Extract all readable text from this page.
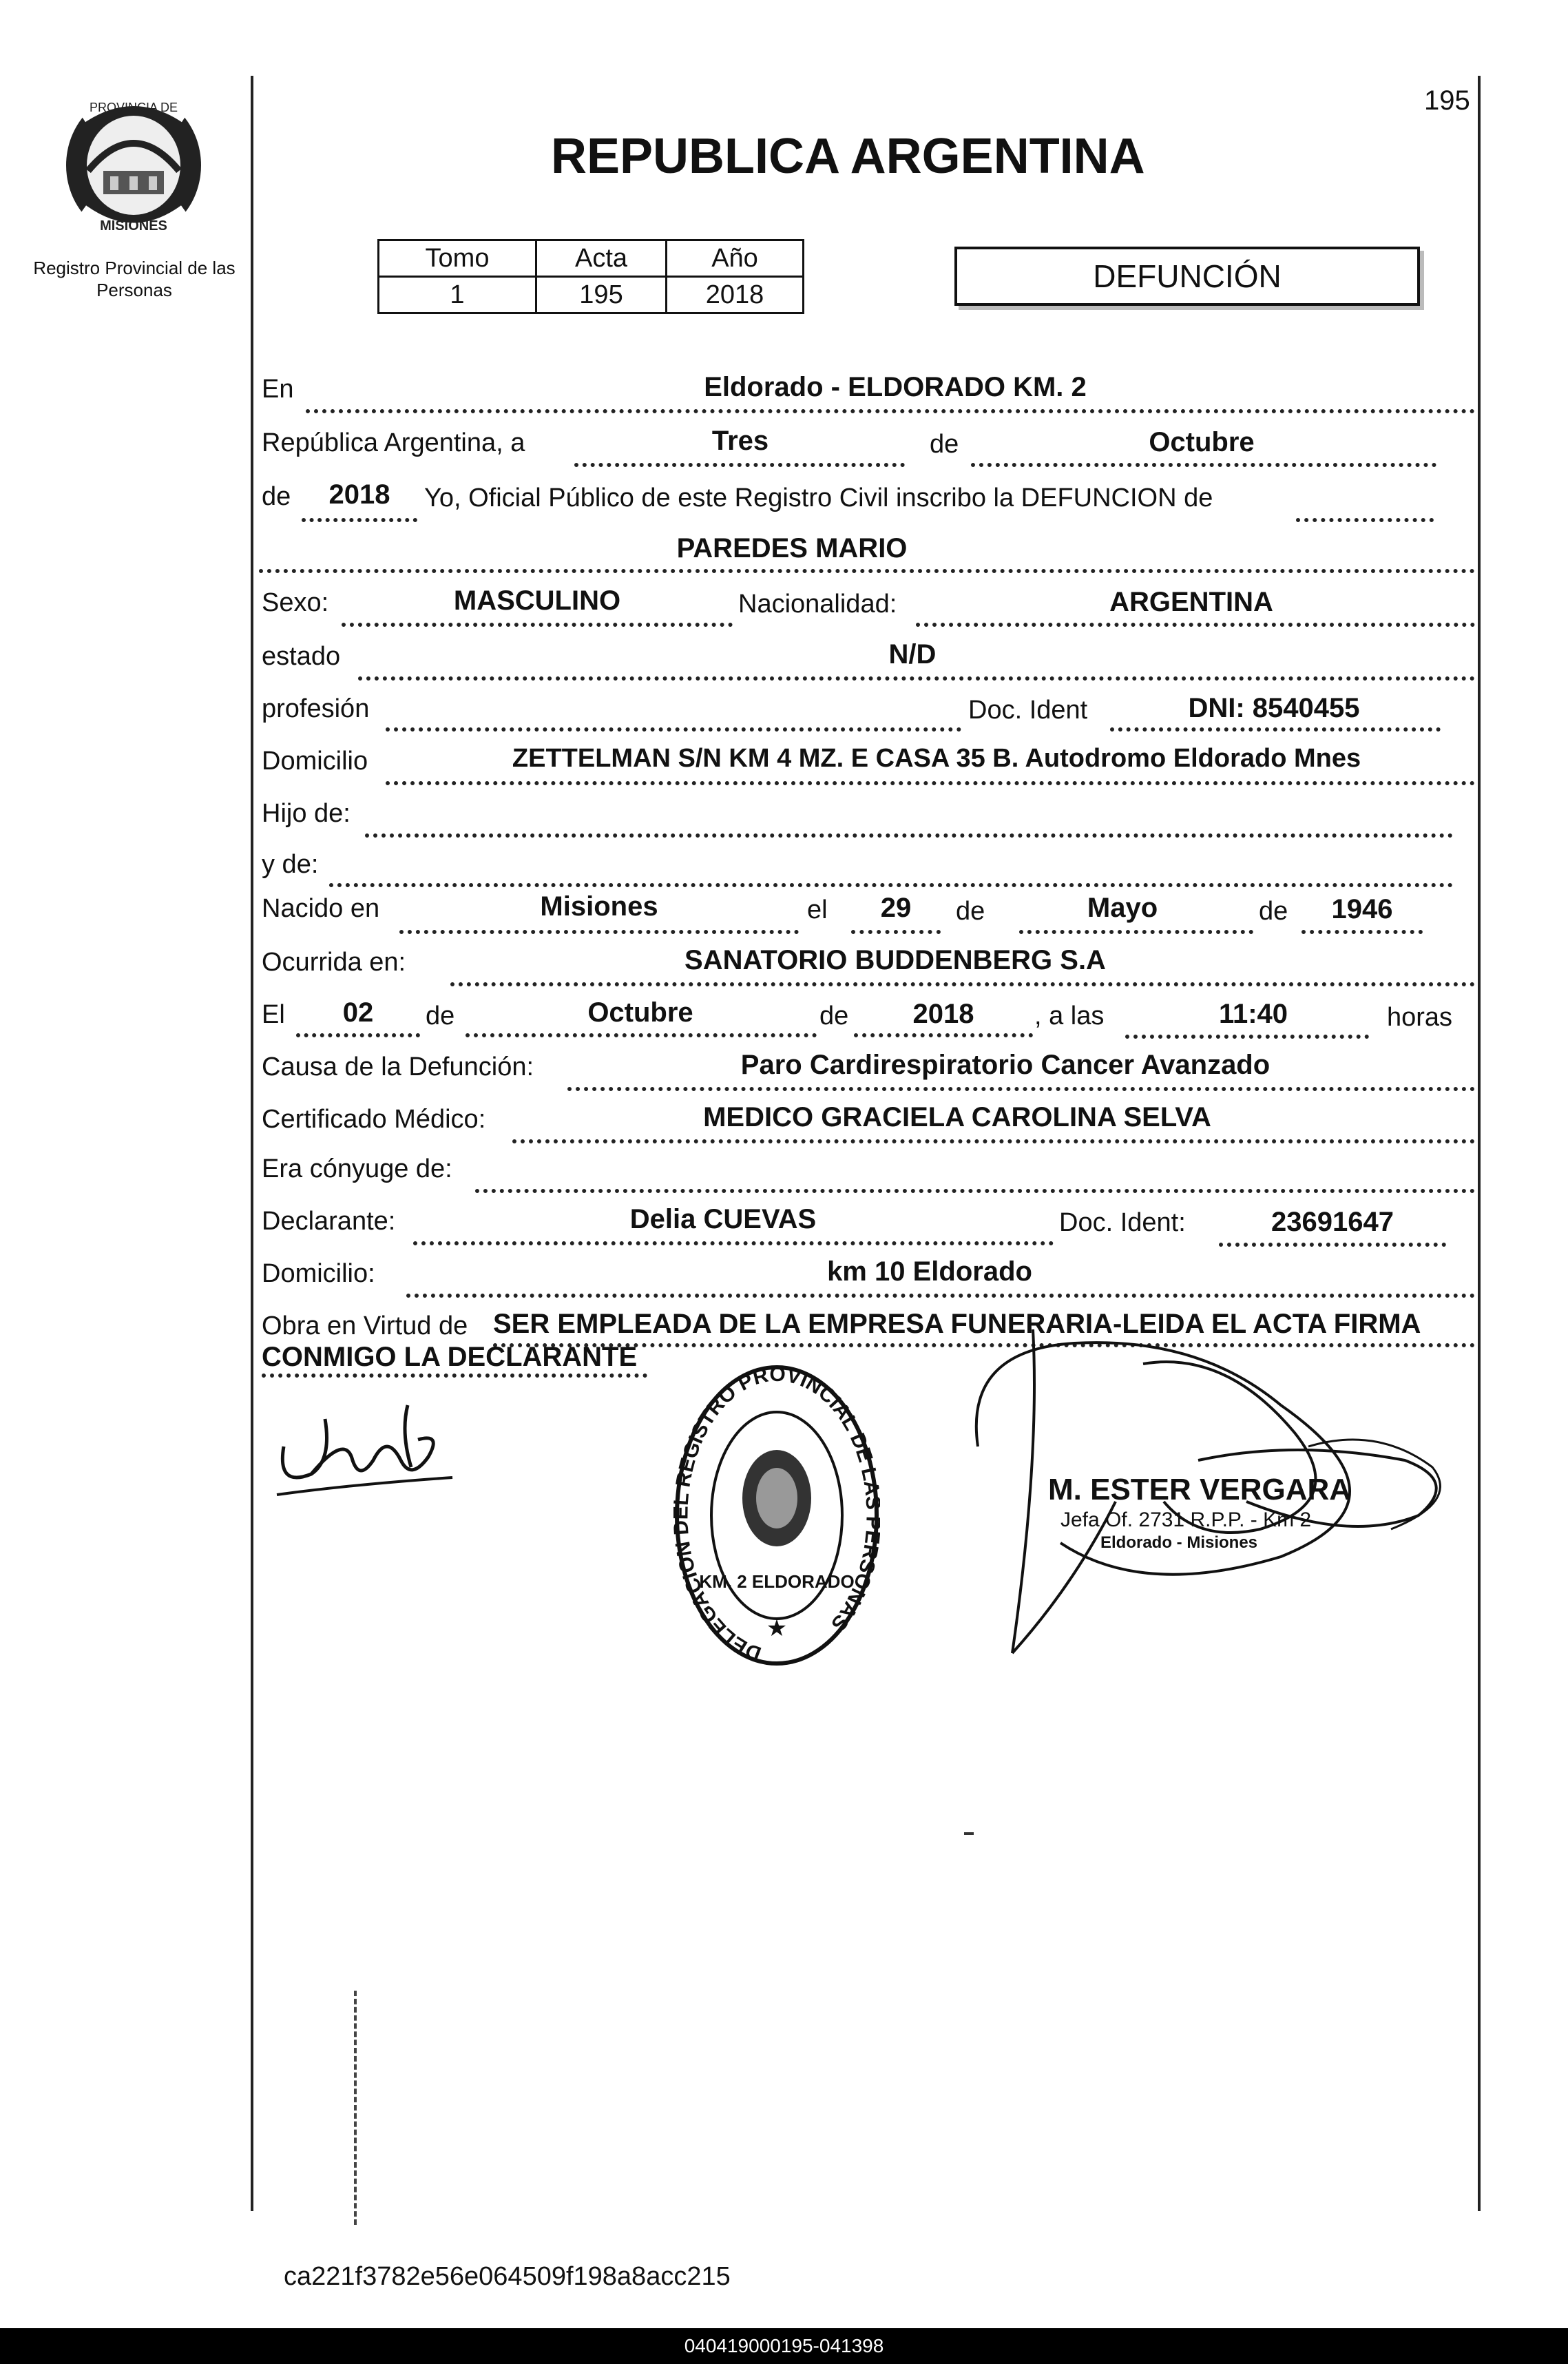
195
PROVINCIA DE
MISIONES
Registro Provincial de las Personas
REPUBLICA ARGENTINA
Tomo	Acta	Año
1	195	2018
DEFUNCIÓN
En	Eldorado - ELDORADO KM. 2
República Argentina, a	Tres	de	Octubre
de	2018	Yo, Oficial Público de este Registro Civil inscribo la DEFUNCION de
PAREDES MARIO
Sexo:	MASCULINO	Nacionalidad:	ARGENTINA
estado	N/D
profesión	Doc. Ident	DNI: 8540455
Domicilio	ZETTELMAN S/N KM 4 MZ. E CASA 35 B. Autodromo Eldorado Mnes
Hijo de:
y de:
Nacido en	Misiones	el	29	de	Mayo	de	1946
Ocurrida en:	SANATORIO BUDDENBERG S.A
El	02	de	Octubre	de	2018	, a las	11:40	horas
Causa de la Defunción:	Paro Cardirespiratorio Cancer Avanzado
Certificado Médico:	MEDICO GRACIELA CAROLINA SELVA
Era cónyuge de:
Declarante:	Delia CUEVAS	Doc. Ident:	23691647
Domicilio:	km 10 Eldorado
Obra en Virtud de SER EMPLEADA DE LA EMPRESA FUNERARIA-LEIDA EL ACTA FIRMA
CONMIGO LA DECLARANTE
DELEGACION REGISTRO PROVINCIAL DE L RSONAS
KM. 2 ELDORADO
★
M. ESTER VERGARA
Jefa Of. 2731 R.P.P. - Km 2
Eldorado - Misiones
ca221f3782e56e064509f198a8acc215
040419000195-041398
